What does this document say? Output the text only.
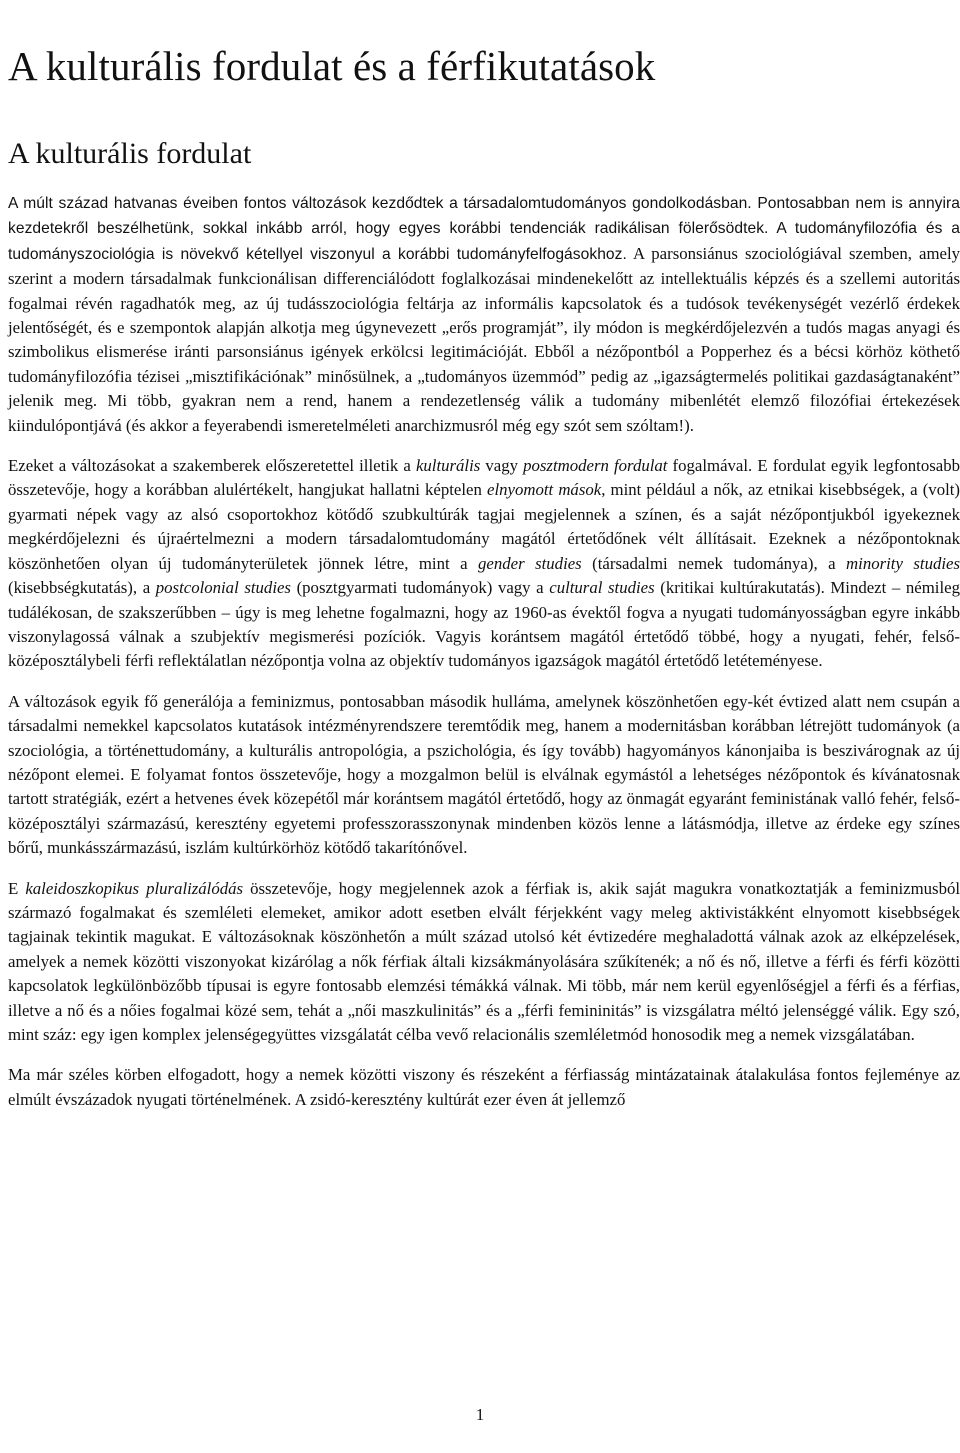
A kulturális fordulat és a férfikutatások
A kulturális fordulat

A múlt század hatvanas éveiben fontos változások kezdődtek a társadalomtudományos gondolkodásban. Pontosabban nem is annyira kezdetekről beszélhetünk, sokkal inkább arról, hogy egyes korábbi tendenciák radikálisan fölerősödtek. A tudományfilozófia és a tudományszociológia is növekvő kétellyel viszonyul a korábbi tudományfelfogásokhoz. A parsonsiánus szociológiával szemben, amely szerint a modern társadalmak funkcionálisan differenciálódott foglalkozásai mindenekelőtt az intellektuális képzés és a szellemi autoritás fogalmai révén ragadhatók meg, az új tudásszociológia feltárja az informális kapcsolatok és a tudósok tevékenységét vezérlő érdekek jelentőségét, és e szempontok alapján alkotja meg úgynevezett „erős programját”, ily módon is megkérdőjelezvén a tudós magas anyagi és szimbolikus elismerése iránti parsonsiánus igények erkölcsi legitimációját. Ebből a nézőpontból a Popperhez és a bécsi körhöz köthető tudományfilozófia tézisei „misztifikációnak” minősülnek, a „tudományos üzemmód” pedig az „igazságtermelés politikai gazdaságtanaként” jelenik meg. Mi több, gyakran nem a rend, hanem a rendezetlenség válik a tudomány mibenlétét elemző filozófiai értekezések kiindulópontjává (és akkor a feyerabendi ismeretelméleti anarchizmusról még egy szót sem szóltam!).

Ezeket a változásokat a szakemberek előszeretettel illetik a kulturális vagy posztmodern fordulat fogalmával. E fordulat egyik legfontosabb összetevője, hogy a korábban alulértékelt, hangjukat hallatni képtelen elnyomott mások, mint például a nők, az etnikai kisebbségek, a (volt) gyarmati népek vagy az alsó csoportokhoz kötődő szubkultúrák tagjai megjelennek a színen, és a saját nézőpontjukból igyekeznek megkérdőjelezni és újraértelmezni a modern társadalomtudomány magától értetődőnek vélt állításait. Ezeknek a nézőpontoknak köszönhetően olyan új tudományterületek jönnek létre, mint a gender studies (társadalmi nemek tudománya), a minority studies (kisebbségkutatás), a postcolonial studies (posztgyarmati tudományok) vagy a cultural studies (kritikai kultúrakutatás). Mindezt – némileg tudálékosan, de szakszerűbben – úgy is meg lehetne fogalmazni, hogy az 1960-as évektől fogva a nyugati tudományosságban egyre inkább viszonylagossá válnak a szubjektív megismerési pozíciók. Vagyis korántsem magától értetődő többé, hogy a nyugati, fehér, felső-középosztálybeli férfi reflektálatlan nézőpontja volna az objektív tudományos igazságok magától értetődő letéteményese.

A változások egyik fő generálója a feminizmus, pontosabban második hulláma, amelynek köszönhetően egy-két évtized alatt nem csupán a társadalmi nemekkel kapcsolatos kutatások intézményrendszere teremtődik meg, hanem a modernitásban korábban létrejött tudományok (a szociológia, a történettudomány, a kulturális antropológia, a pszichológia, és így tovább) hagyományos kánonjaiba is beszivárognak az új nézőpont elemei. E folyamat fontos összetevője, hogy a mozgalmon belül is elválnak egymástól a lehetséges nézőpontok és kívánatosnak tartott stratégiák, ezért a hetvenes évek közepétől már korántsem magától értetődő, hogy az önmagát egyaránt feministának valló fehér, felső-középosztályi származású, keresztény egyetemi professzorasszonynak mindenben közös lenne a látásmódja, illetve az érdeke egy színes bőrű, munkásszármazású, iszlám kultúrkörhöz kötődő takarítónővel.

E kaleidoszkopikus pluralizálódás összetevője, hogy megjelennek azok a férfiak is, akik saját magukra vonatkoztatják a feminizmusból származó fogalmakat és szemléleti elemeket, amikor adott esetben elvált férjekként vagy meleg aktivistákként elnyomott kisebbségek tagjainak tekintik magukat. E változásoknak köszönhetőn a múlt század utolsó két évtizedére meghaladottá válnak azok az elképzelések, amelyek a nemek közötti viszonyokat kizárólag a nők férfiak általi kizsákmányolására szűkítenék; a nő és nő, illetve a férfi és férfi közötti kapcsolatok legkülönbözőbb típusai is egyre fontosabb elemzési témákká válnak. Mi több, már nem kerül egyenlőségjel a férfi és a férfias, illetve a nő és a nőies fogalmai közé sem, tehát a „női maszkulinitás” és a „férfi femininitás” is vizsgálatra méltó jelenséggé válik. Egy szó, mint száz: egy igen komplex jelenségegyüttes vizsgálatát célba vevő relacionális szemléletmód honosodik meg a nemek vizsgálatában.

Ma már széles körben elfogadott, hogy a nemek közötti viszony és részeként a férfiasság mintázatainak átalakulása fontos fejleménye az elmúlt évszázadok nyugati történelmének. A zsidó-keresztény kultúrát ezer éven át jellemző

1
